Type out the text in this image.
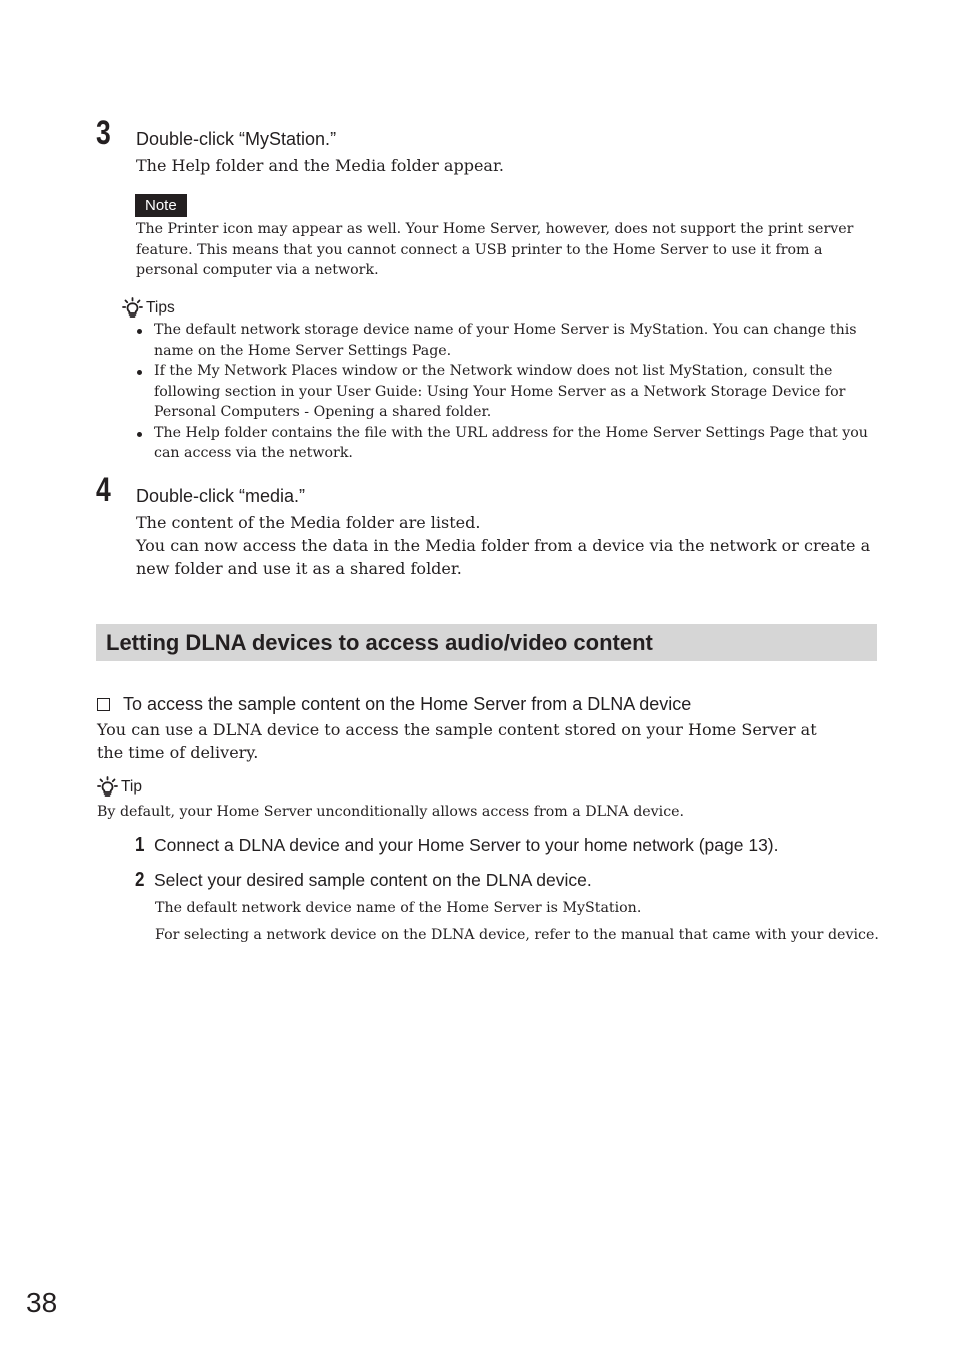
3 Double-click “MyStation.”
The Help folder and the Media folder appear.
Note
The Printer icon may appear as well. Your Home Server, however, does not support the print server feature. This means that you cannot connect a USB printer to the Home Server to use it from a personal computer via a network.
Tips
The default network storage device name of your Home Server is MyStation. You can change this name on the Home Server Settings Page.
If the My Network Places window or the Network window does not list MyStation, consult the following section in your User Guide: Using Your Home Server as a Network Storage Device for Personal Computers - Opening a shared folder.
The Help folder contains the file with the URL address for the Home Server Settings Page that you can access via the network.
4 Double-click “media.”
The content of the Media folder are listed.
You can now access the data in the Media folder from a device via the network or create a new folder and use it as a shared folder.
Letting DLNA devices to access audio/video content
To access the sample content on the Home Server from a DLNA device
You can use a DLNA device to access the sample content stored on your Home Server at the time of delivery.
Tip
By default, your Home Server unconditionally allows access from a DLNA device.
1 Connect a DLNA device and your Home Server to your home network (page 13).
2 Select your desired sample content on the DLNA device.
The default network device name of the Home Server is MyStation.
For selecting a network device on the DLNA device, refer to the manual that came with your device.
38
